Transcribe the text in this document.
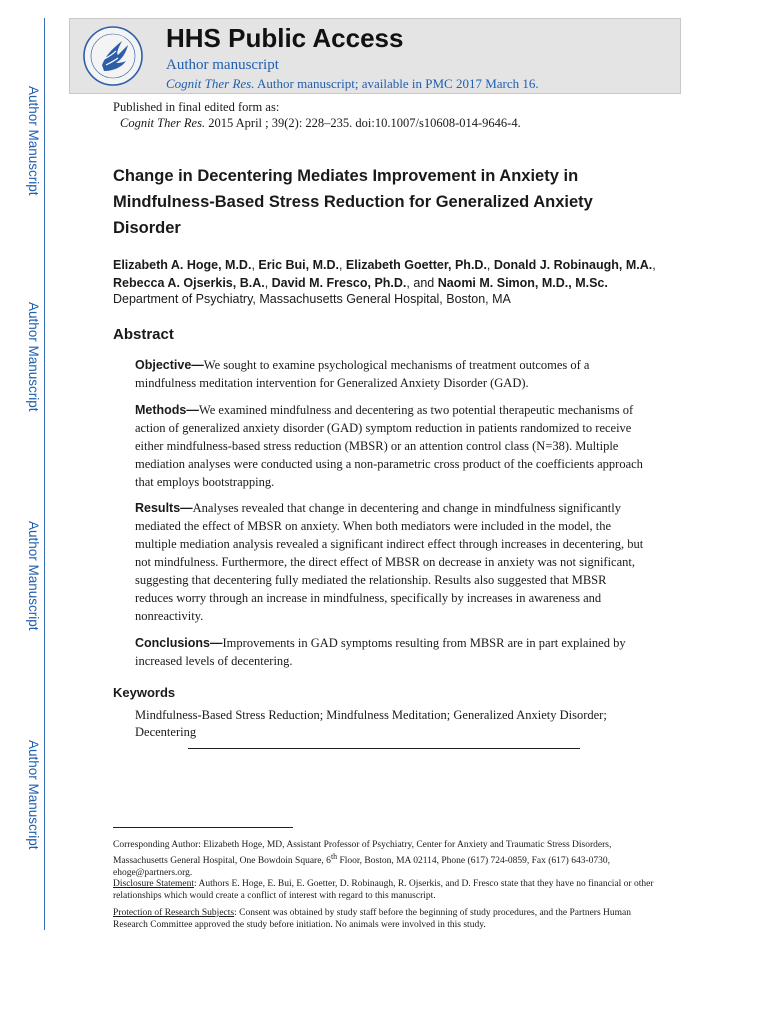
Author Manuscript
Author Manuscript
Author Manuscript
Author Manuscript
HHS Public Access
Author manuscript
Cognit Ther Res. Author manuscript; available in PMC 2017 March 16.
Published in final edited form as:
Cognit Ther Res. 2015 April ; 39(2): 228–235. doi:10.1007/s10608-014-9646-4.
Change in Decentering Mediates Improvement in Anxiety in Mindfulness-Based Stress Reduction for Generalized Anxiety Disorder
Elizabeth A. Hoge, M.D., Eric Bui, M.D., Elizabeth Goetter, Ph.D., Donald J. Robinaugh, M.A., Rebecca A. Ojserkis, B.A., David M. Fresco, Ph.D., and Naomi M. Simon, M.D., M.Sc.
Department of Psychiatry, Massachusetts General Hospital, Boston, MA
Abstract
Objective—We sought to examine psychological mechanisms of treatment outcomes of a mindfulness meditation intervention for Generalized Anxiety Disorder (GAD).
Methods—We examined mindfulness and decentering as two potential therapeutic mechanisms of action of generalized anxiety disorder (GAD) symptom reduction in patients randomized to receive either mindfulness-based stress reduction (MBSR) or an attention control class (N=38). Multiple mediation analyses were conducted using a non-parametric cross product of the coefficients approach that employs bootstrapping.
Results—Analyses revealed that change in decentering and change in mindfulness significantly mediated the effect of MBSR on anxiety. When both mediators were included in the model, the multiple mediation analysis revealed a significant indirect effect through increases in decentering, but not mindfulness. Furthermore, the direct effect of MBSR on decrease in anxiety was not significant, suggesting that decentering fully mediated the relationship. Results also suggested that MBSR reduces worry through an increase in mindfulness, specifically by increases in awareness and nonreactivity.
Conclusions—Improvements in GAD symptoms resulting from MBSR are in part explained by increased levels of decentering.
Keywords
Mindfulness-Based Stress Reduction; Mindfulness Meditation; Generalized Anxiety Disorder; Decentering
Corresponding Author: Elizabeth Hoge, MD, Assistant Professor of Psychiatry, Center for Anxiety and Traumatic Stress Disorders, Massachusetts General Hospital, One Bowdoin Square, 6th Floor, Boston, MA 02114, Phone (617) 724-0859, Fax (617) 643-0730, ehoge@partners.org.
Disclosure Statement: Authors E. Hoge, E. Bui, E. Goetter, D. Robinaugh, R. Ojserkis, and D. Fresco state that they have no financial or other relationships which would create a conflict of interest with regard to this manuscript.
Protection of Research Subjects: Consent was obtained by study staff before the beginning of study procedures, and the Partners Human Research Committee approved the study before initiation. No animals were involved in this study.
